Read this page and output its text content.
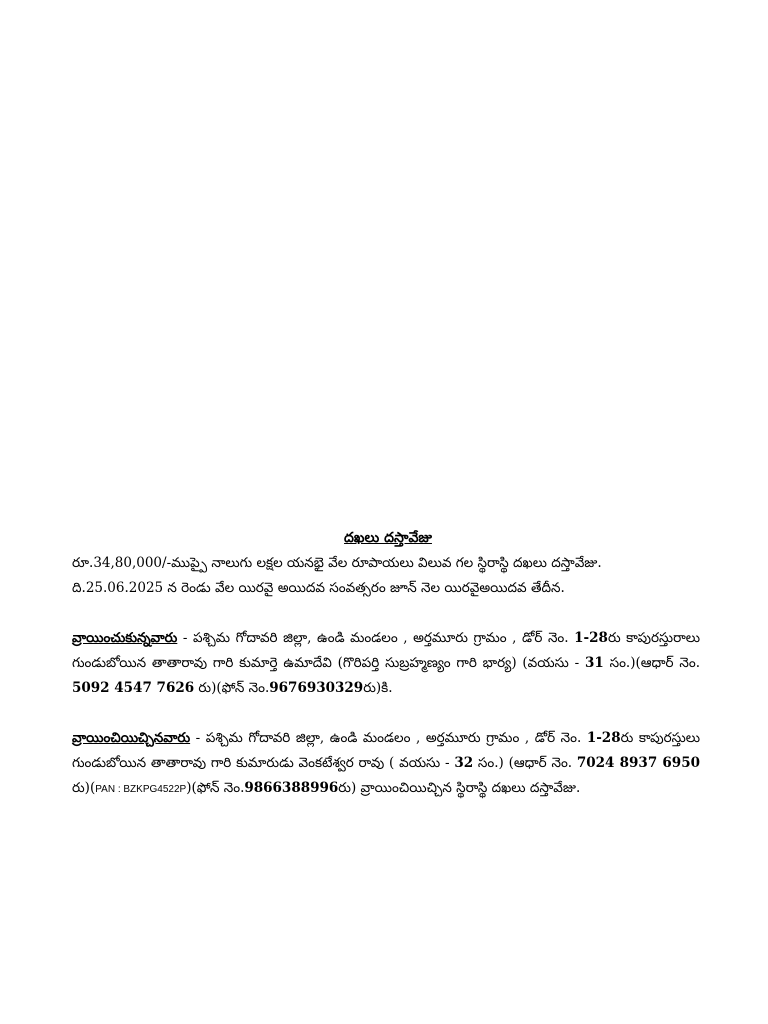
దఖలు దస్తావేజు

రూ.34,80,000/-ముప్పై నాలుగు లక్షల యనభై వేల రూపాయలు విలువ గల స్థిరాస్థి దఖలు దస్తావేజు.

ది.25.06.2025 న రెండు వేల యిరవై అయిదవ సంవత్సరం జూన్ నెల యిరవైఅయిదవ తేదీన.

వ్రాయించుకున్నవారు - పశ్చిమ గోదావరి జిల్లా, ఉండి మండలం , అర్తమూరు గ్రామం , డోర్ నెం. 1-28రు కాపురస్తురాలు గుండుబోయిన తాతారావు గారి కుమార్తె ఉమాదేవి (గొరిపర్తి సుబ్రహ్మణ్యం గారి భార్య) (వయసు - 31 సం.)(ఆధార్ నెం. 5092 4547 7626 రు)(ఫోన్ నెం.9676930329రు)కి.

వ్రాయించియిచ్చినవారు - పశ్చిమ గోదావరి జిల్లా, ఉండి మండలం , అర్తమూరు గ్రామం , డోర్ నెం. 1-28రు కాపురస్తులు గుండుబోయిన తాతారావు గారి కుమారుడు వెంకటేశ్వర రావు ( వయసు - 32 సం.) (ఆధార్ నెం. 7024 8937 6950 రు)(PAN : BZKPG4522P)(ఫోన్ నెం.9866388996రు) వ్రాయించియిచ్చిన స్థిరాస్థి దఖలు దస్తావేజు.
